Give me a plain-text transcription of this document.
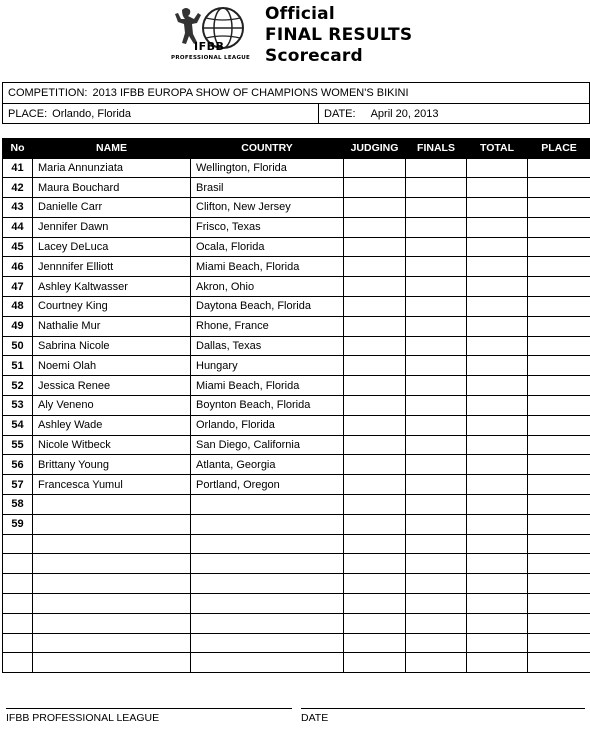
IFBB
PROFESSIONAL LEAGUE
Official
FINAL RESULTS
Scorecard
COMPETITION: 2013 IFBB EUROPA SHOW OF CHAMPIONS WOMEN'S BIKINI
PLACE: Orlando, Florida	DATE: April 20, 2013
No	NAME	COUNTRY	JUDGING	FINALS	TOTAL	PLACE
41	Maria Annunziata	Wellington, Florida				
42	Maura Bouchard	Brasil				
43	Danielle Carr	Clifton, New Jersey				
44	Jennifer Dawn	Frisco, Texas				
45	Lacey DeLuca	Ocala, Florida				
46	Jennnifer Elliott	Miami Beach, Florida				
47	Ashley Kaltwasser	Akron, Ohio				
48	Courtney King	Daytona Beach, Florida				
49	Nathalie Mur	Rhone, France				
50	Sabrina Nicole	Dallas, Texas				
51	Noemi Olah	Hungary				
52	Jessica Renee	Miami Beach, Florida				
53	Aly Veneno	Boynton Beach, Florida				
54	Ashley Wade	Orlando, Florida				
55	Nicole Witbeck	San Diego, California				
56	Brittany Young	Atlanta, Georgia				
57	Francesca Yumul	Portland, Oregon				
58						
59						

IFBB PROFESSIONAL LEAGUE	DATE
